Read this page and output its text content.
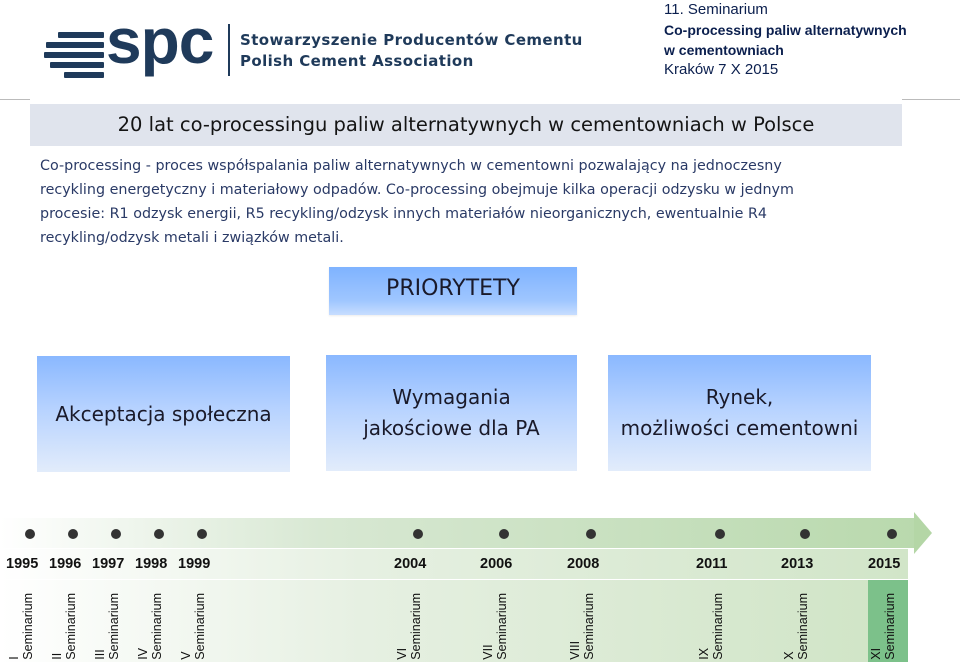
spc Stowarzyszenie Producentów Cementu
Polish Cement Association
11. Seminarium
Co-processing paliw alternatywnych
w cementowniach
Kraków 7 X 2015
20 lat co-processingu paliw alternatywnych w cementowniach w Polsce
Co-processing - proces współspalania paliw alternatywnych w cementowni pozwalający na jednoczesny
recykling energetyczny i materiałowy odpadów. Co-processing obejmuje kilka operacji odzysku w jednym
procesie: R1 odzysk energii, R5 recykling/odzysk innych materiałów nieorganicznych, ewentualnie R4
recykling/odzysk metali i związków metali.
PRIORYTETY
Akceptacja społeczna
Wymagania
jakościowe dla PA
Rynek,
możliwości cementowni
1995
I
Seminarium
1996
II
Seminarium
1997
III
Seminarium
1998
IV
Seminarium
1999
V
Seminarium
2004
VI
Seminarium
2006
VII
Seminarium
2008
VIII
Seminarium
2011
IX
Seminarium
2013
X
Seminarium
2015
XI
Seminarium
